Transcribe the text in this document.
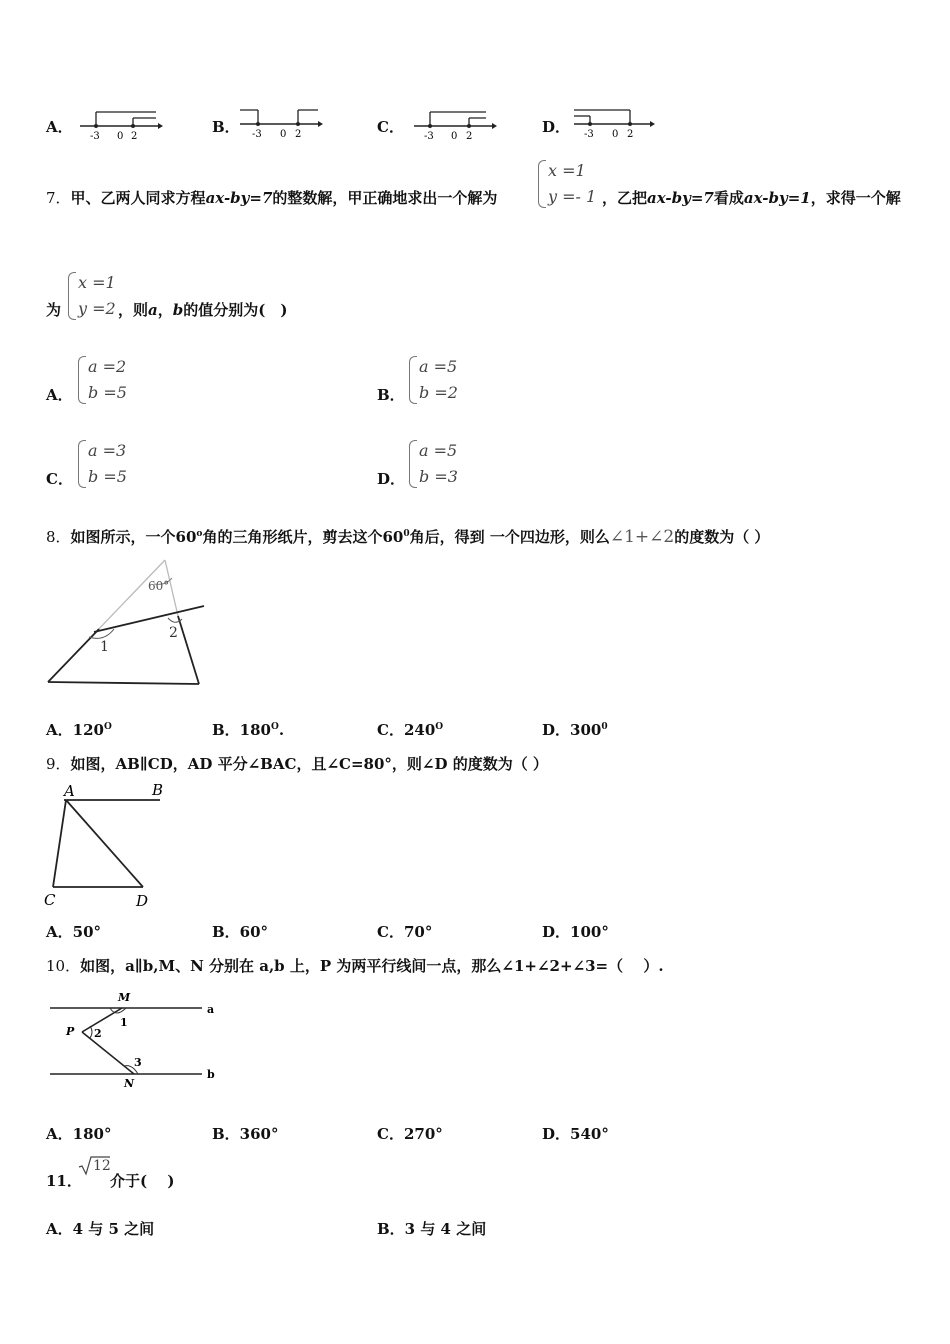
A．
-3 0 2
B． -3 0 2	C．
-3 0 2
D． -3 0 2
7．甲、乙两人同求方程ax-by=7的整数解，甲正确地求出一个解为
x =1
y =- 1 ，乙把ax-by=7看成ax-by=1，求得一个解
为
x =1
y =2 ，则a，b的值分别为(　)
A．
a =2
b =5	B．
a =5
b =2
C．
a =3
b =5	D．
a =5
b =3
8．如图所示，一个60$^o$角的三角形纸片，剪去这个$60^0$角后，得到 一个四边形，则么∠1+∠2的度数为（ ）
60°
1
2
A．$120^O$	B．$180^O$.	C．$240^O$	D．$300^0$
9．如图，AB∥CD，AD 平分∠BAC，且∠C=80°，则∠D 的度数为（ ）
A	B
C	D
A．50°	B．60°	C．70°	D．100°
10．如图，a∥b,M、N 分别在 a,b 上，P 为两平行线间一点，那么∠1+∠2+∠3=（　 ）.
M
1
P 2
3
N
a
b
A．180°	B．360°	C．270°	D．540°
11．
12
介于(　 )
A．4 与 5 之间	B．3 与 4 之间
